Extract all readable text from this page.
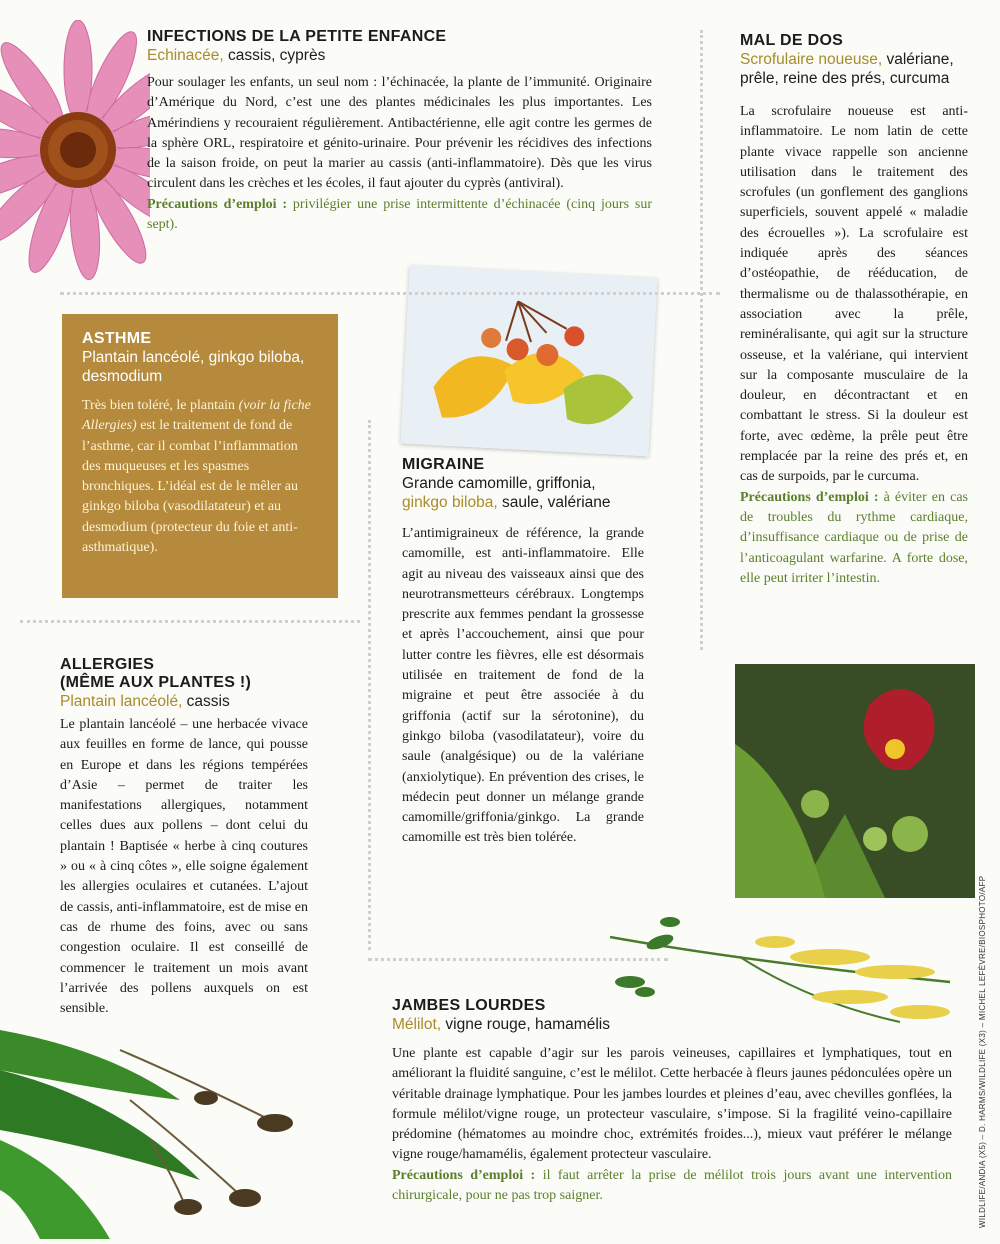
INFECTIONS DE LA PETITE ENFANCE
Echinacée, cassis, cyprès

Pour soulager les enfants, un seul nom : l’échinacée, la plante de l’immunité. Originaire d’Amérique du Nord, c’est une des plantes médicinales les plus importantes. Les Amérindiens y recouraient régulièrement. Antibactérienne, elle agit contre les germes de la sphère ORL, respiratoire et génito-urinaire. Pour prévenir les récidives des infections de la saison froide, on peut la marier au cassis (anti-inflammatoire). Dès que les virus circulent dans les crèches et les écoles, il faut ajouter du cyprès (antiviral).

Précautions d’emploi : privilégier une prise intermittente d’échinacée (cinq jours sur sept).

MAL DE DOS
Scrofulaire noueuse, valériane, prêle, reine des prés, curcuma

La scrofulaire noueuse est anti-inflammatoire. Le nom latin de cette plante vivace rappelle son ancienne utilisation dans le traitement des scrofules (un gonflement des ganglions superficiels, souvent appelé « maladie des écrouelles »). La scrofulaire est indiquée après des séances d’ostéopathie, de rééducation, de thermalisme ou de thalassothérapie, en association avec la prêle, reminéralisante, qui agit sur la structure osseuse, et la valériane, qui intervient sur la composante musculaire de la douleur, en décontractant et en combattant le stress. Si la douleur est forte, avec œdème, la prêle peut être remplacée par la reine des prés et, en cas de surpoids, par le curcuma.

Précautions d’emploi : à éviter en cas de troubles du rythme cardiaque, d’insuffisance cardiaque ou de prise de l’anticoagulant warfarine. A forte dose, elle peut irriter l’intestin.

ASTHME
Plantain lancéolé, ginkgo biloba, desmodium

Très bien toléré, le plantain (voir la fiche Allergies) est le traitement de fond de l’asthme, car il combat l’inflammation des muqueuses et les spasmes bronchiques. L’idéal est de le mêler au ginkgo biloba (vasodilatateur) et au desmodium (protecteur du foie et anti-asthmatique).

MIGRAINE
Grande camomille, griffonia, ginkgo biloba, saule, valériane

L’antimigraineux de référence, la grande camomille, est anti-inflammatoire. Elle agit au niveau des vaisseaux ainsi que des neurotransmetteurs cérébraux. Longtemps prescrite aux femmes pendant la grossesse et après l’accouchement, ainsi que pour lutter contre les fièvres, elle est désormais utilisée en traitement de fond de la migraine et peut être associée à du griffonia (actif sur la sérotonine), du ginkgo biloba (vasodilatateur), voire du saule (analgésique) ou de la valériane (anxiolytique). En prévention des crises, le médecin peut donner un mélange grande camomille/griffonia/ginkgo. La grande camomille est très bien tolérée.

ALLERGIES
(MÊME AUX PLANTES !)
Plantain lancéolé, cassis

Le plantain lancéolé – une herbacée vivace aux feuilles en forme de lance, qui pousse en Europe et dans les régions tempérées d’Asie – permet de traiter les manifestations allergiques, notamment celles dues aux pollens – dont celui du plantain ! Baptisée « herbe à cinq coutures » ou « à cinq côtes », elle soigne également les allergies oculaires et cutanées. L’ajout de cassis, anti-inflammatoire, est de mise en cas de rhume des foins, avec ou sans congestion oculaire. Il est conseillé de commencer le traitement un mois avant l’arrivée des pollens auxquels on est sensible.	JAMBES LOURDES
Mélilot, vigne rouge, hamamélis

Une plante est capable d’agir sur les parois veineuses, capillaires et lymphatiques, tout en améliorant la fluidité sanguine, c’est le mélilot. Cette herbacée à fleurs jaunes pédonculées opère un véritable drainage lymphatique. Pour les jambes lourdes et pleines d’eau, avec chevilles gonflées, la formule mélilot/vigne rouge, un protecteur vasculaire, s’impose. Si la fragilité veino-capillaire prédomine (hématomes au moindre choc, extrémités froides...), mieux vaut préférer le mélange vigne rouge/hamamélis, également protecteur vasculaire.

Précautions d’emploi : il faut arrêter la prise de mélilot trois jours avant une intervention chirurgicale, pour ne pas trop saigner.	WILDLIFE/ANDIA (X5) – D. HARMS/WILDLIFE (X3) – MICHEL LEFÈVRE/BIOSPHOTO/AFP
